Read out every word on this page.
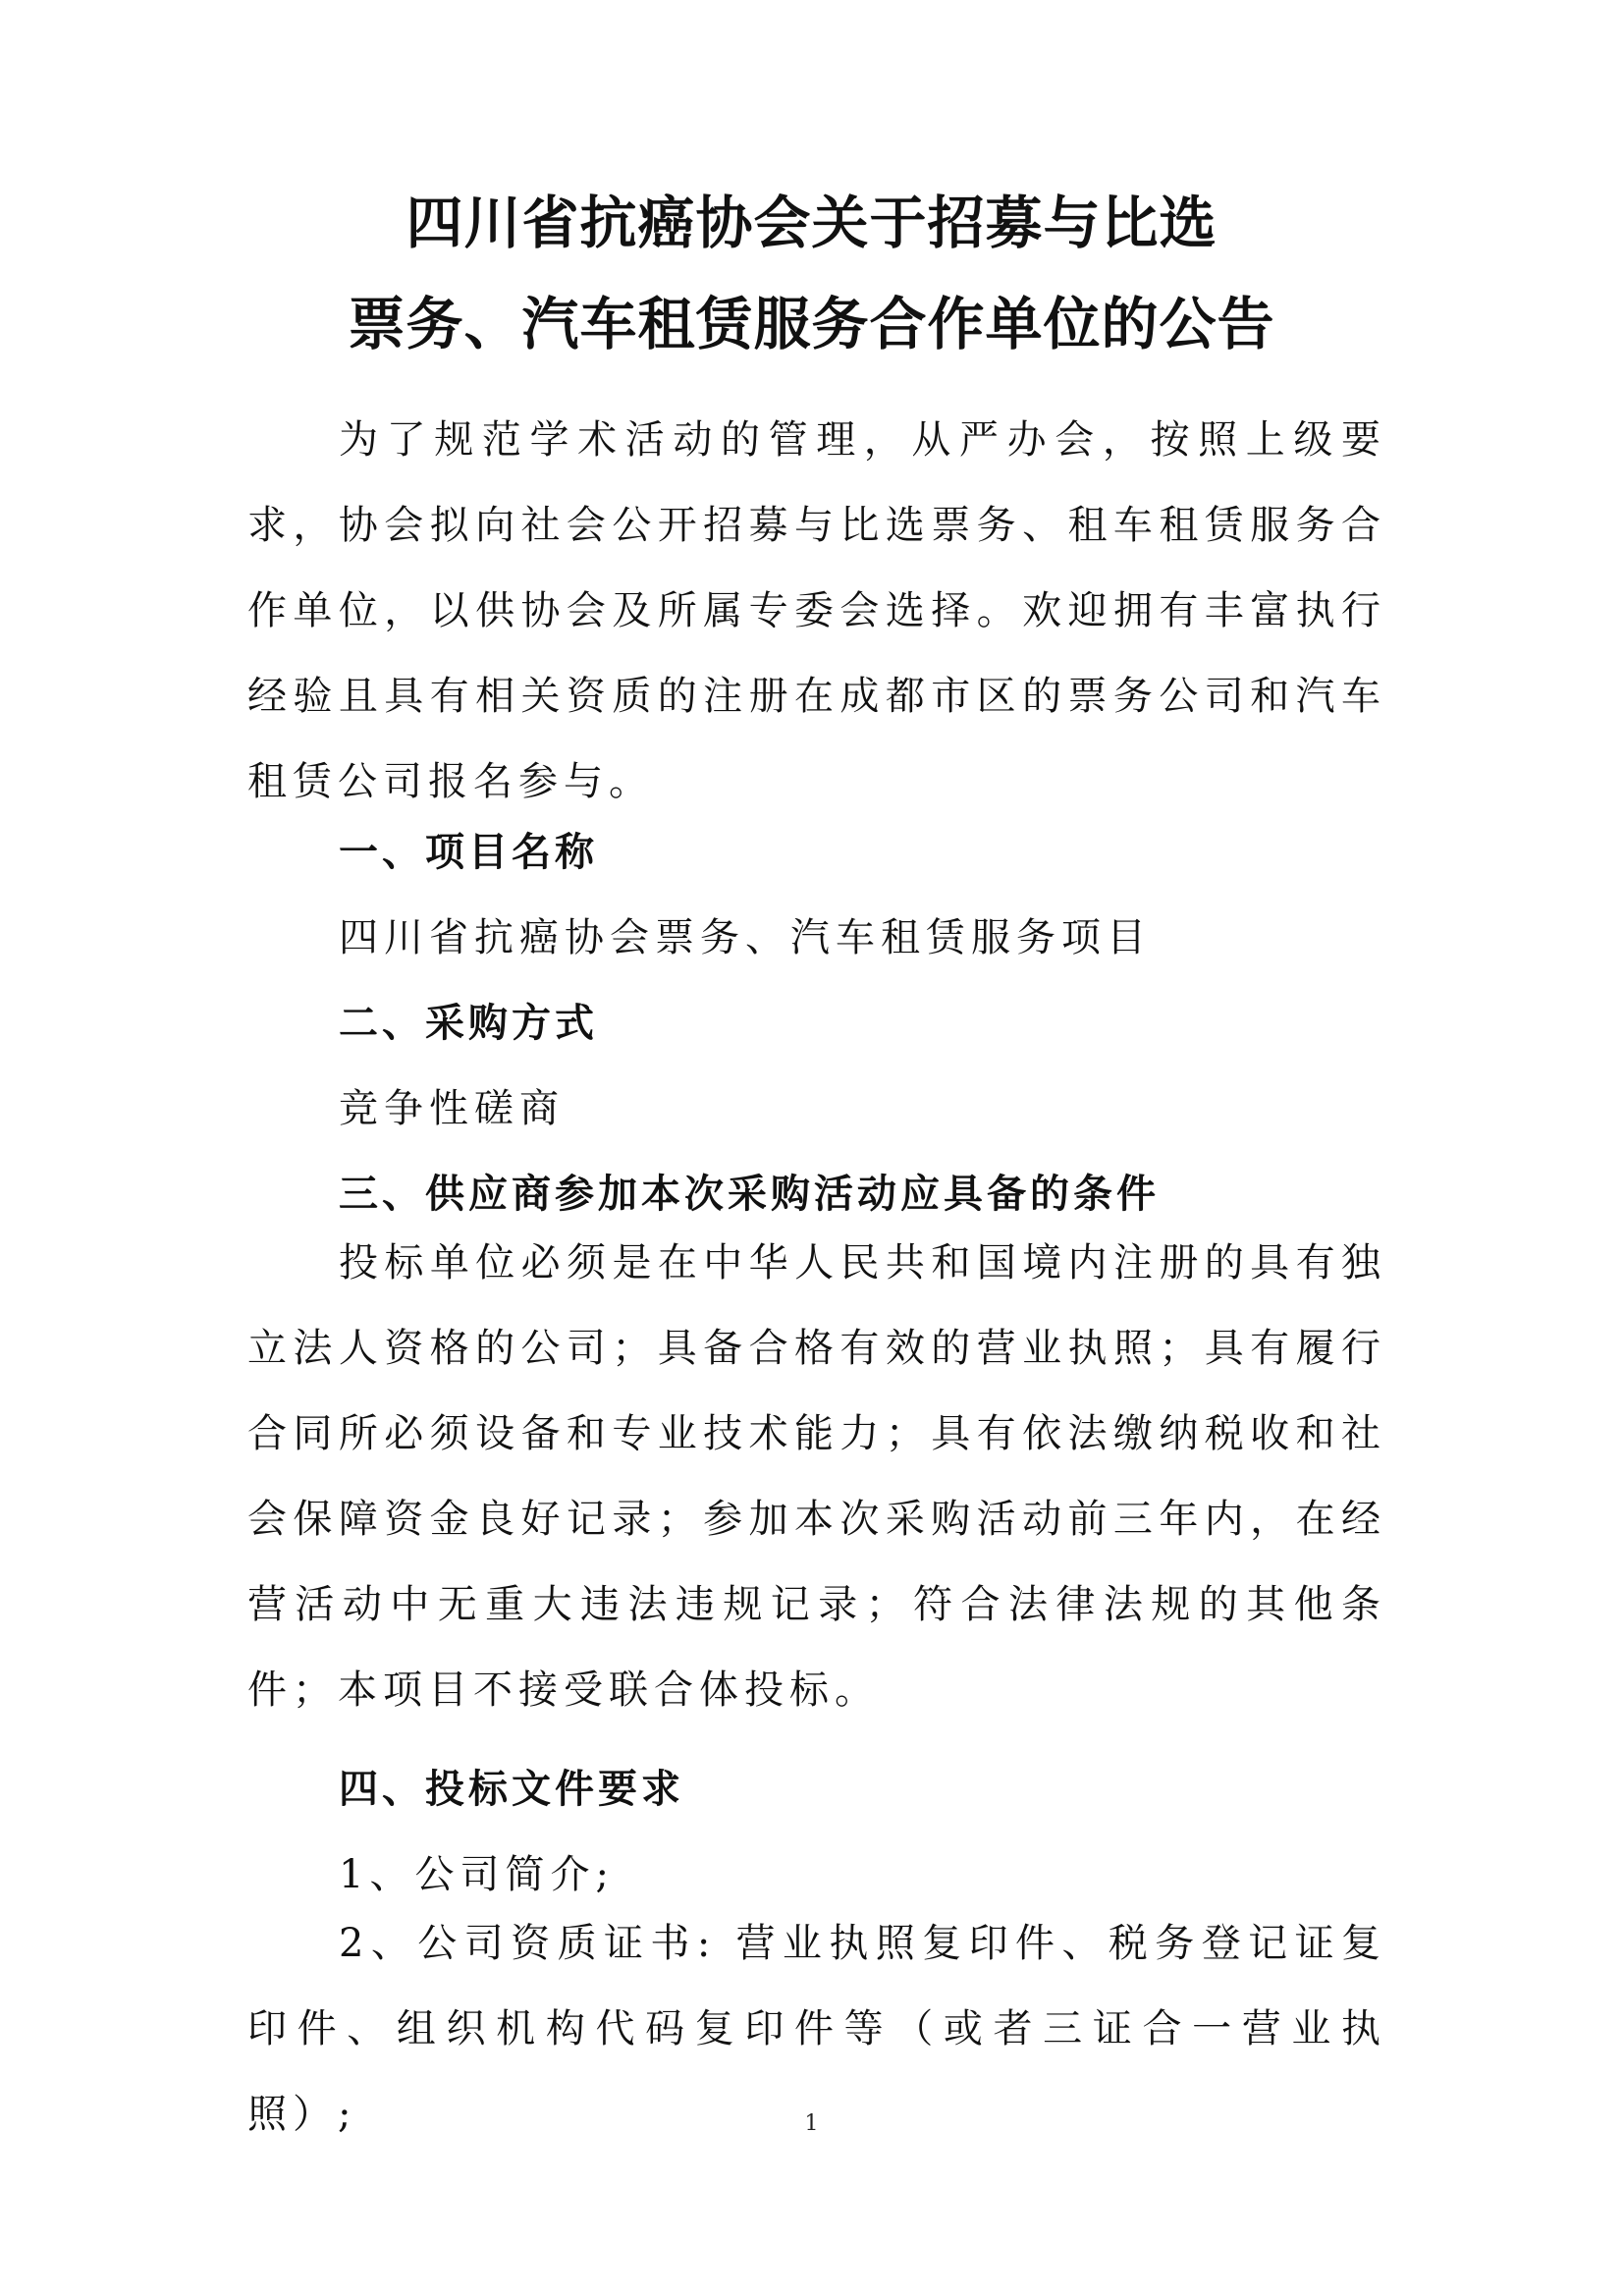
四川省抗癌协会关于招募与比选
票务、汽车租赁服务合作单位的公告
为了规范学术活动的管理，从严办会，按照上级要求，协会拟向社会公开招募与比选票务、租车租赁服务合作单位，以供协会及所属专委会选择。欢迎拥有丰富执行经验且具有相关资质的注册在成都市区的票务公司和汽车租赁公司报名参与。
一、项目名称
四川省抗癌协会票务、汽车租赁服务项目
二、采购方式
竞争性磋商
三、供应商参加本次采购活动应具备的条件
投标单位必须是在中华人民共和国境内注册的具有独立法人资格的公司；具备合格有效的营业执照；具有履行合同所必须设备和专业技术能力；具有依法缴纳税收和社会保障资金良好记录；参加本次采购活动前三年内，在经营活动中无重大违法违规记录；符合法律法规的其他条件；本项目不接受联合体投标。
四、投标文件要求
1、公司简介;
2、公司资质证书: 营业执照复印件、税务登记证复印件、组织机构代码复印件等（或者三证合一营业执照）;	1
